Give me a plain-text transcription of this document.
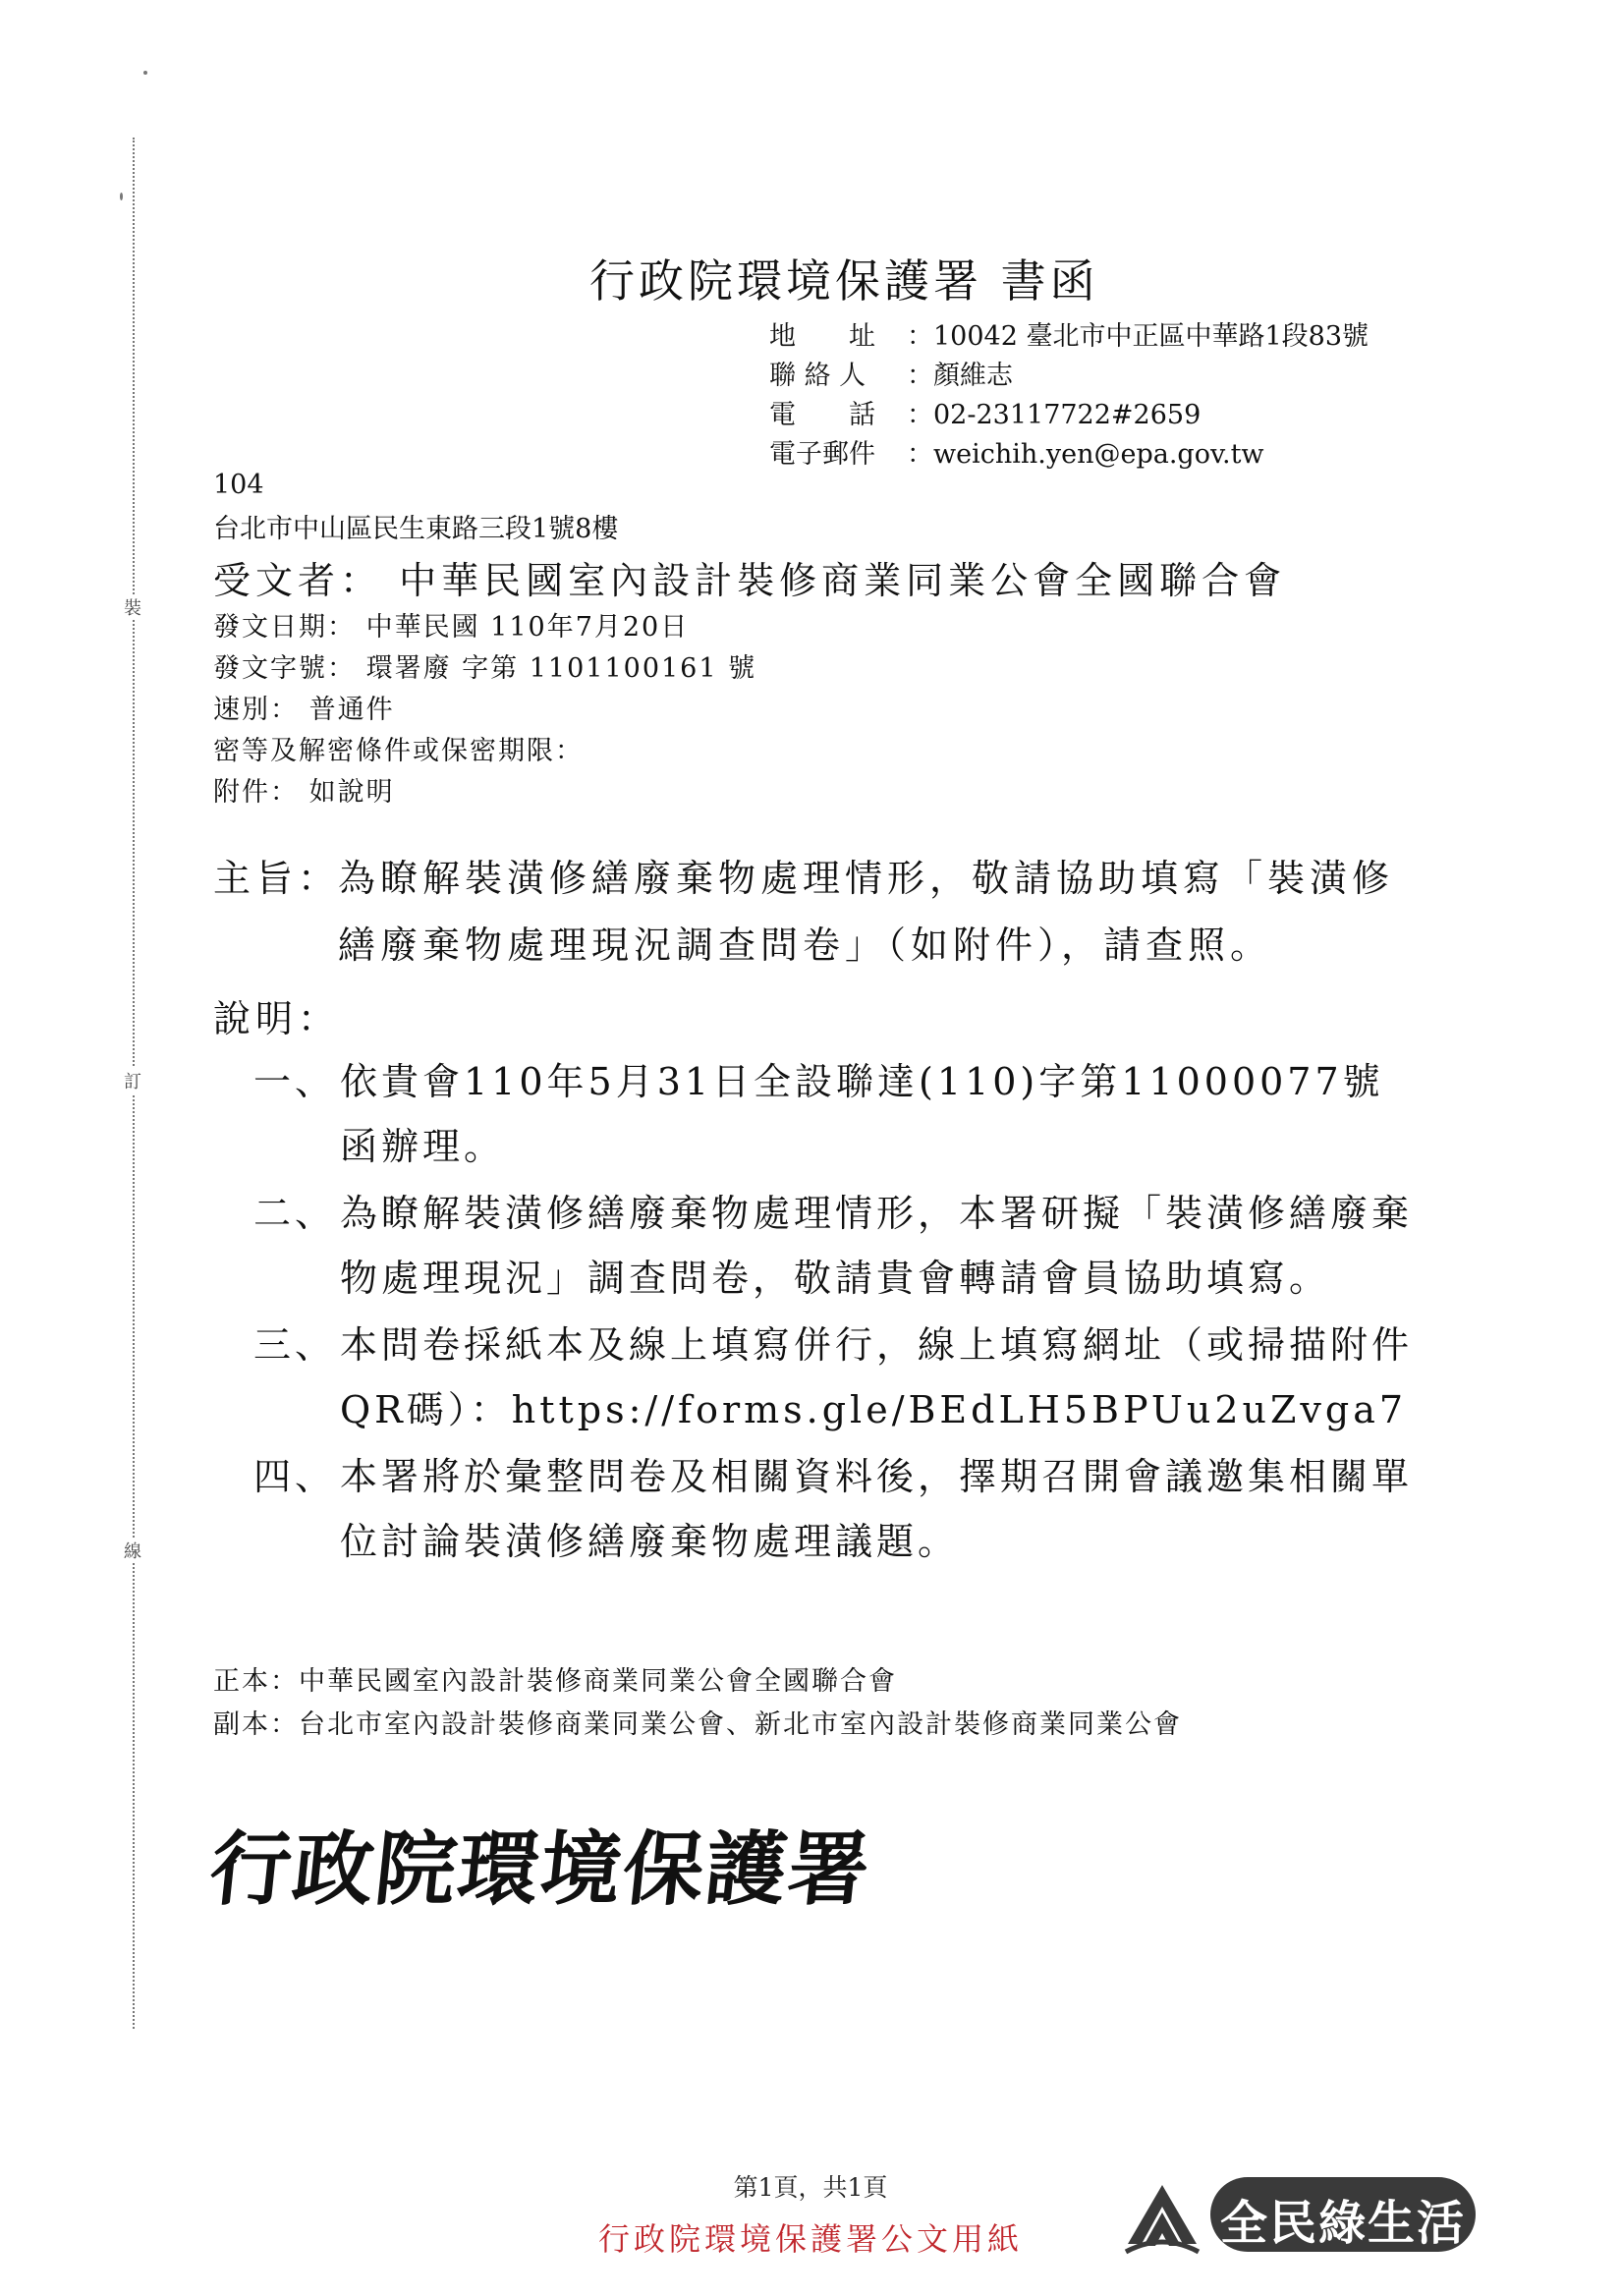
裝
訂
線
行政院環境保護署 書函
地　　址	：10042 臺北市中正區中華路1段83號
聯 絡 人	：顏維志
電　　話	：02-23117722#2659
電子郵件	：weichih.yen@epa.gov.tw
104
台北市中山區民生東路三段1號8樓
受文者： 中華民國室內設計裝修商業同業公會全國聯合會
發文日期： 中華民國 110年7月20日
發文字號： 環署廢 字第 1101100161 號
速別： 普通件
密等及解密條件或保密期限：
附件： 如說明
主旨：
為瞭解裝潢修繕廢棄物處理情形，敬請協助填寫「裝潢修繕廢棄物處理現況調查問卷」（如附件），請查照。
說明：
一、 依貴會110年5月31日全設聯達(110)字第11000077號函辦理。
二、 為瞭解裝潢修繕廢棄物處理情形，本署研擬「裝潢修繕廢棄物處理現況」調查問卷，敬請貴會轉請會員協助填寫。
三、 本問卷採紙本及線上填寫併行，線上填寫網址（或掃描附件QR碼）：https://forms.gle/BEdLH5BPUu2uZvga7
四、 本署將於彙整問卷及相關資料後，擇期召開會議邀集相關單位討論裝潢修繕廢棄物處理議題。
正本：中華民國室內設計裝修商業同業公會全國聯合會
副本：台北市室內設計裝修商業同業公會、新北市室內設計裝修商業同業公會
行政院環境保護署
第1頁，共1頁
行政院環境保護署公文用紙	全民綠生活
